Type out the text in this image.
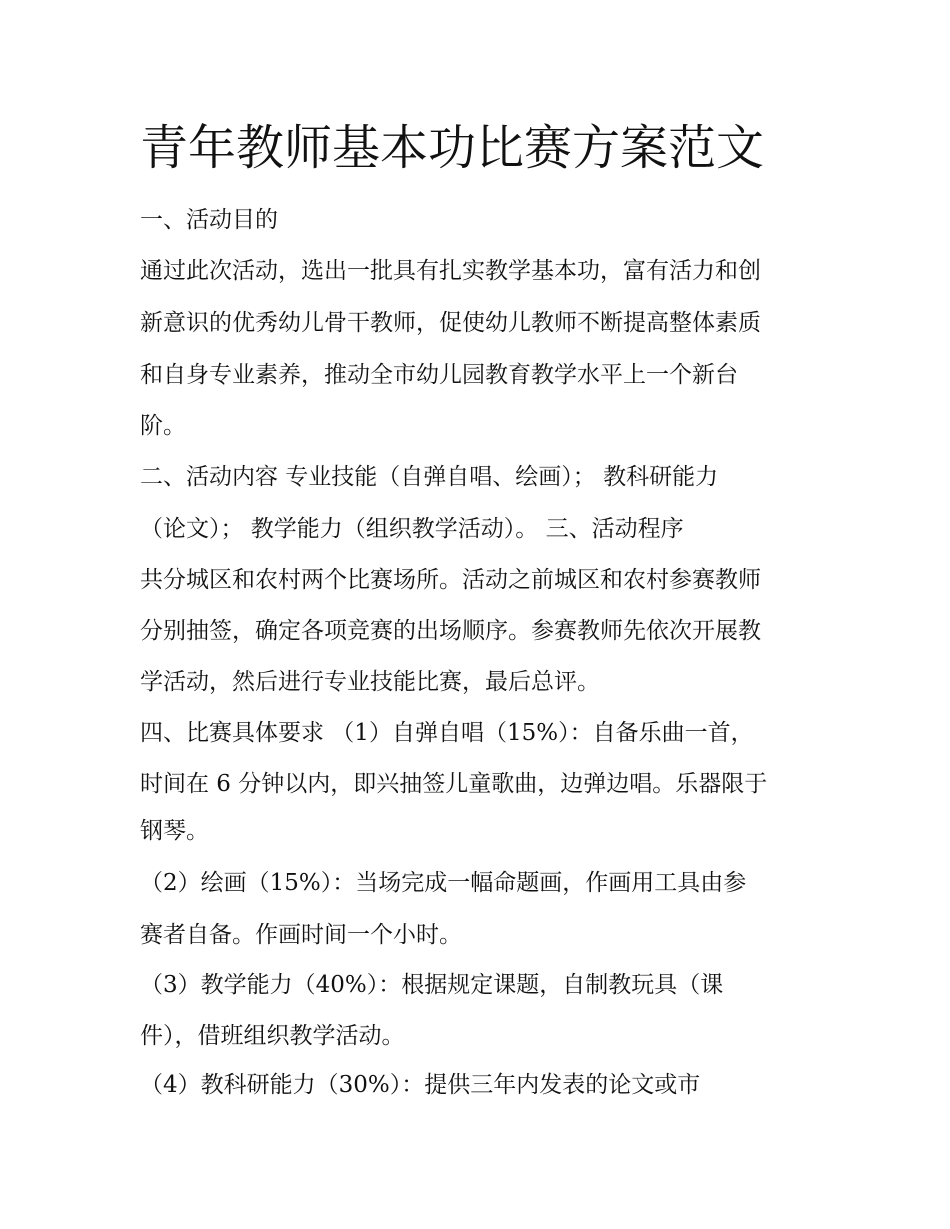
青年教师基本功比赛方案范文
一、活动目的
通过此次活动，选出一批具有扎实教学基本功，富有活力和创
新意识的优秀幼儿骨干教师，促使幼儿教师不断提高整体素质
和自身专业素养，推动全市幼儿园教育教学水平上一个新台
阶。
二、活动内容 专业技能（自弹自唱、绘画）； 教科研能力
（论文）； 教学能力（组织教学活动）。 三、活动程序
共分城区和农村两个比赛场所。活动之前城区和农村参赛教师
分别抽签，确定各项竞赛的出场顺序。参赛教师先依次开展教
学活动，然后进行专业技能比赛，最后总评。
四、比赛具体要求 （1）自弹自唱（15%）：自备乐曲一首，
时间在 6 分钟以内，即兴抽签儿童歌曲，边弹边唱。乐器限于
钢琴。
（2）绘画（15%）：当场完成一幅命题画，作画用工具由参
赛者自备。作画时间一个小时。
（3）教学能力（40%）：根据规定课题，自制教玩具（课
件），借班组织教学活动。
（4）教科研能力（30%）：提供三年内发表的论文或市
